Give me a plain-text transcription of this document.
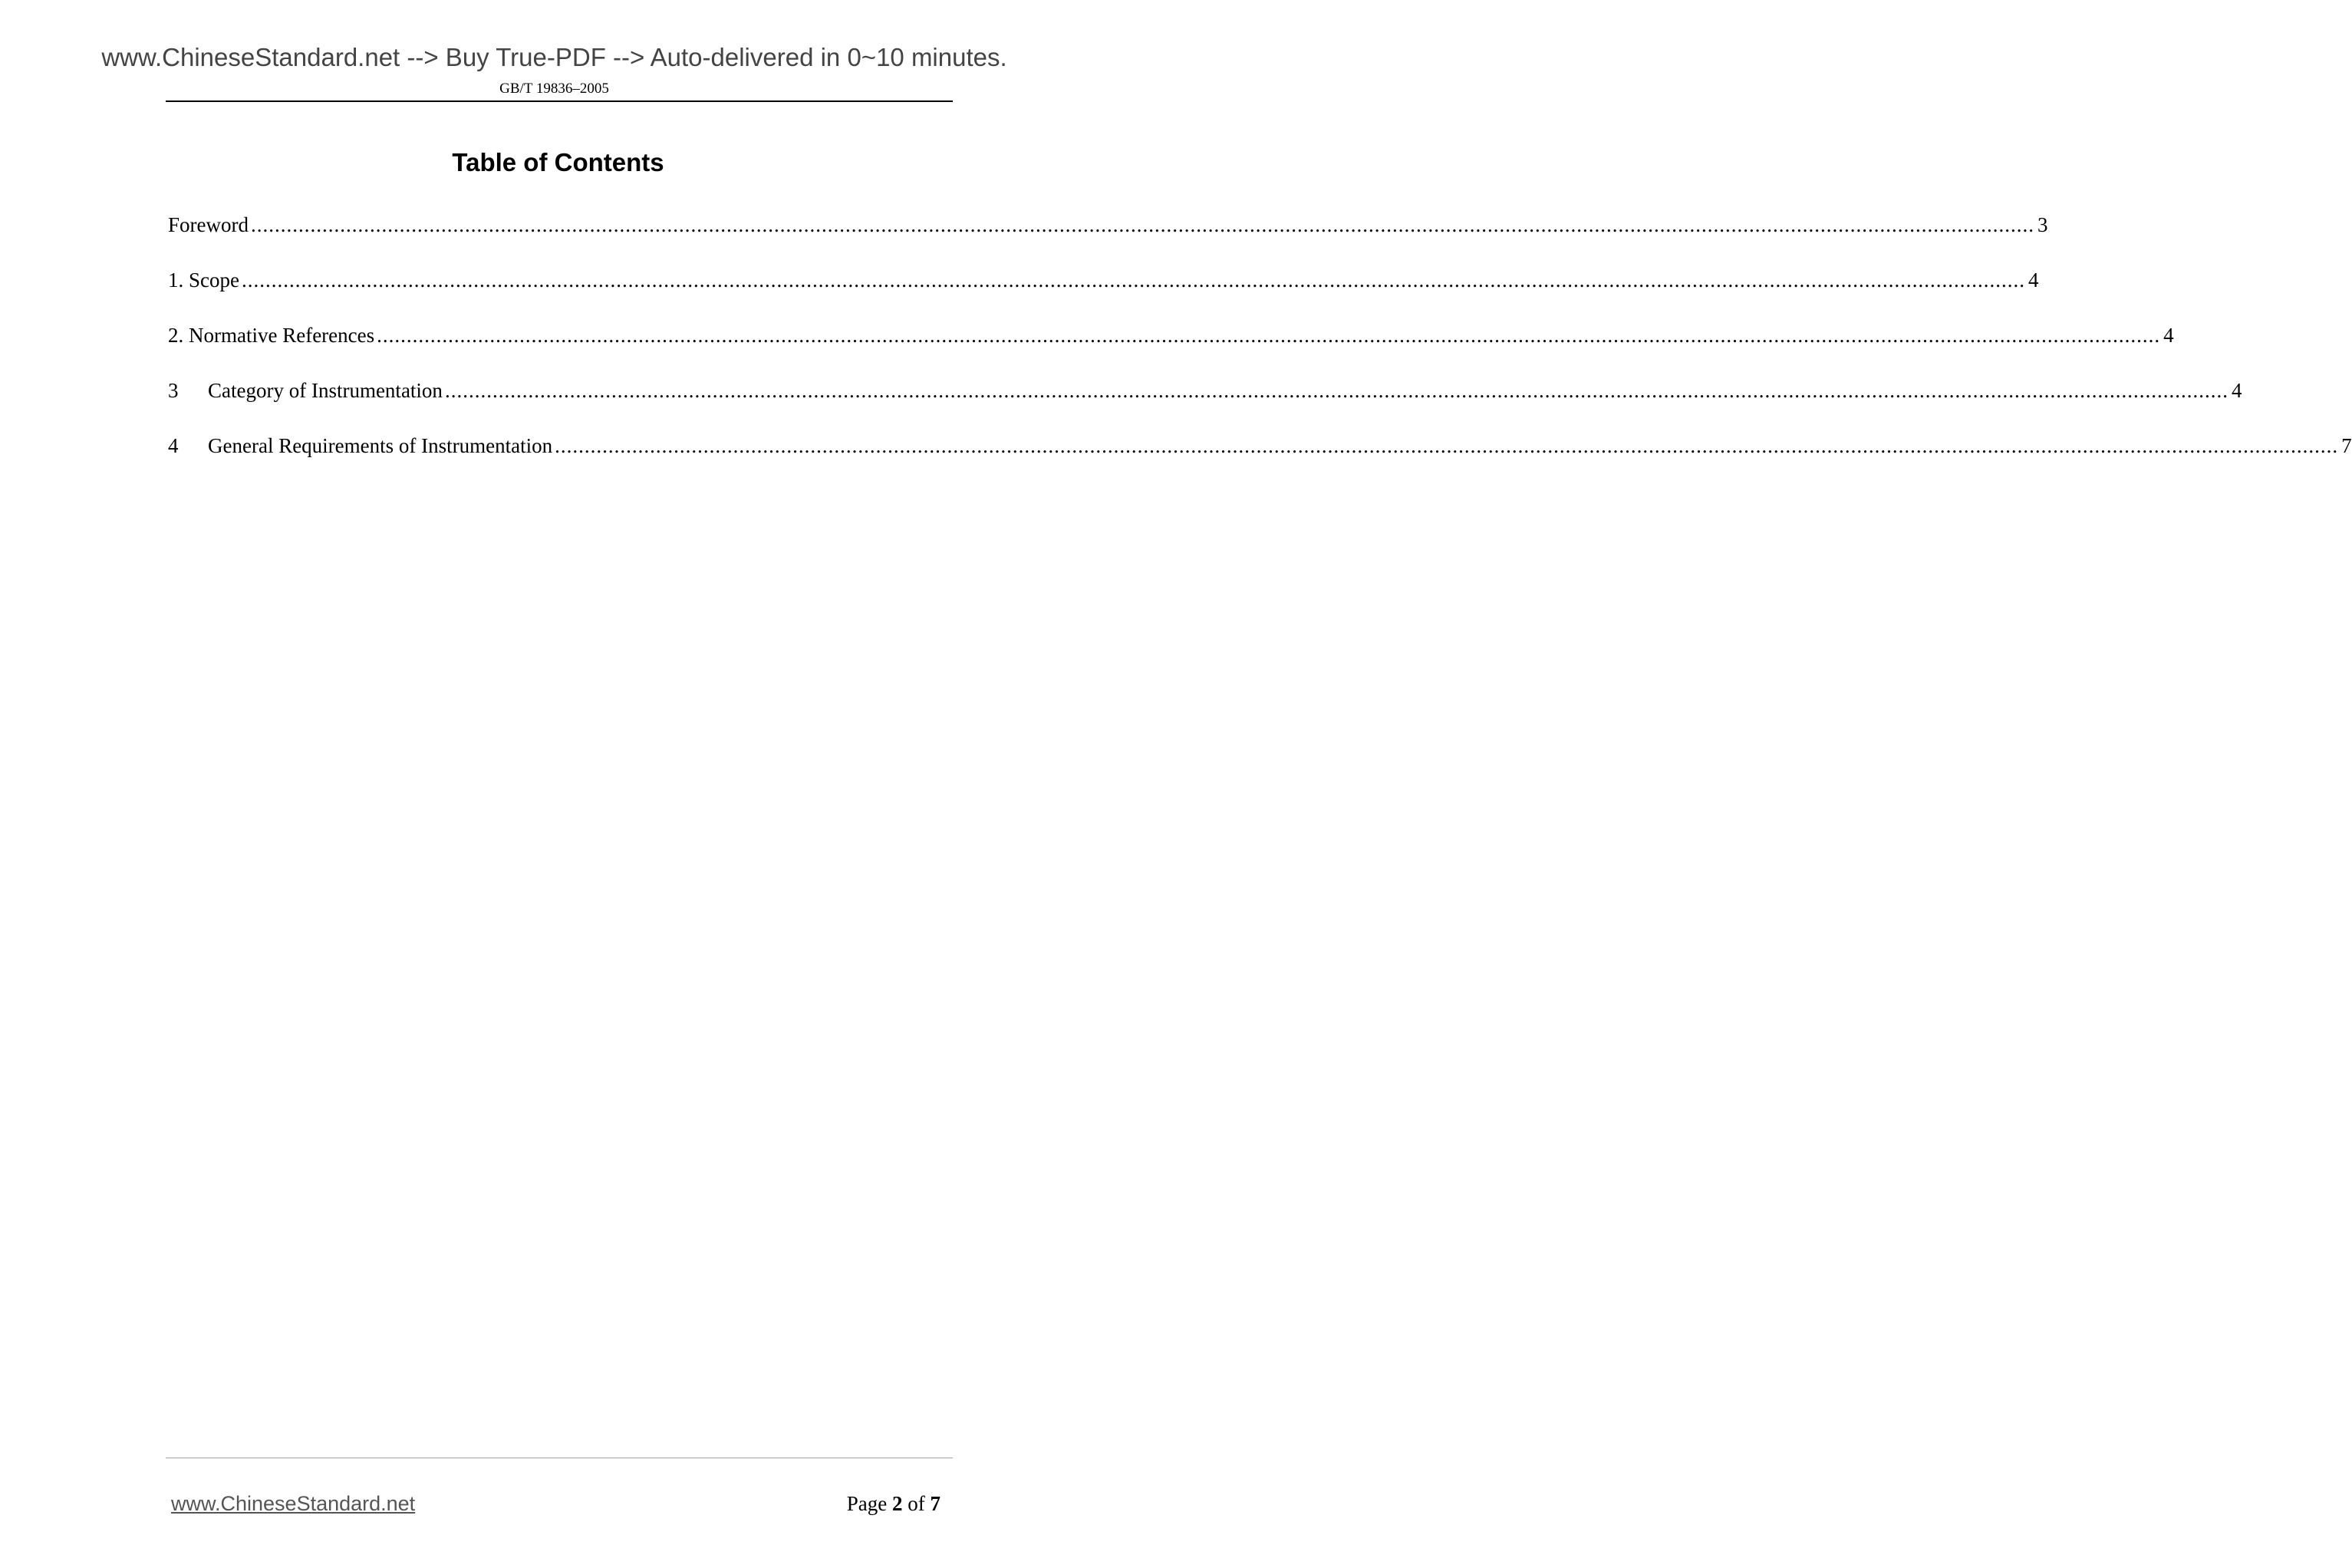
www.ChineseStandard.net --> Buy True-PDF --> Auto-delivered in 0~10 minutes.
GB/T 19836–2005
Table of Contents
Foreword ............................................................................................................................................................................................................................................................................................................ 3
1. Scope ............................................................................................................................................................................................................................................................................................................ 4
2. Normative References ............................................................................................................................................................................................................................................................................................................ 4
3	Category of Instrumentation ............................................................................................................................................................................................................................................................................................................ 4
4	General Requirements of Instrumentation ............................................................................................................................................................................................................................................................................................................ 7
www.ChineseStandard.net	Page 2 of 7
